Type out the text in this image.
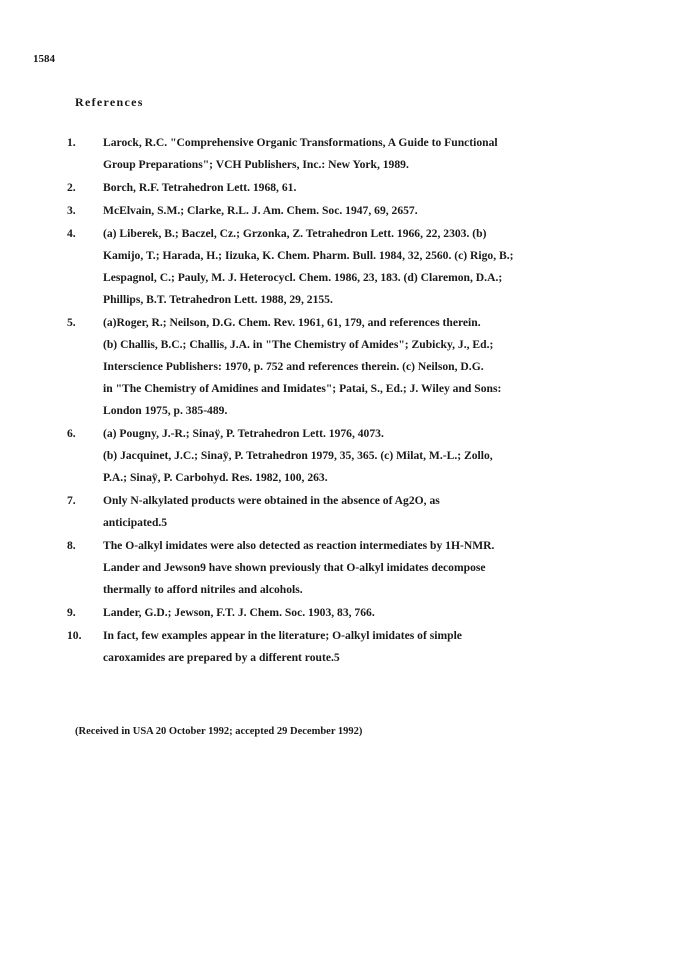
1584
References
1.	Larock, R.C. "Comprehensive Organic Transformations, A Guide to Functional
Group Preparations"; VCH Publishers, Inc.: New York, 1989.
2.	Borch, R.F. Tetrahedron Lett. 1968, 61.
3.	McElvain, S.M.; Clarke, R.L. J. Am. Chem. Soc. 1947, 69, 2657.
4.	(a) Liberek, B.; Baczel, Cz.; Grzonka, Z. Tetrahedron Lett. 1966, 22, 2303. (b)
Kamijo, T.; Harada, H.; Iizuka, K. Chem. Pharm. Bull. 1984, 32, 2560. (c) Rigo, B.;
Lespagnol, C.; Pauly, M. J. Heterocycl. Chem. 1986, 23, 183. (d) Claremon, D.A.;
Phillips, B.T. Tetrahedron Lett. 1988, 29, 2155.
5.	(a)Roger, R.; Neilson, D.G. Chem. Rev. 1961, 61, 179, and references therein.
(b) Challis, B.C.; Challis, J.A. in "The Chemistry of Amides"; Zubicky, J., Ed.;
Interscience Publishers: 1970, p. 752 and references therein. (c) Neilson, D.G.
in "The Chemistry of Amidines and Imidates"; Patai, S., Ed.; J. Wiley and Sons:
London 1975, p. 385-489.
6.	(a) Pougny, J.-R.; Sinaÿ, P. Tetrahedron Lett. 1976, 4073.
(b) Jacquinet, J.C.; Sinaÿ, P. Tetrahedron 1979, 35, 365. (c) Milat, M.-L.; Zollo,
P.A.; Sinaÿ, P. Carbohyd. Res. 1982, 100, 263.
7.	Only N-alkylated products were obtained in the absence of Ag2O, as
anticipated.5
8.	The O-alkyl imidates were also detected as reaction intermediates by 1H-NMR.
Lander and Jewson9 have shown previously that O-alkyl imidates decompose
thermally to afford nitriles and alcohols.
9.	Lander, G.D.; Jewson, F.T. J. Chem. Soc. 1903, 83, 766.
10.	In fact, few examples appear in the literature; O-alkyl imidates of simple
caroxamides are prepared by a different route.5
(Received in USA 20 October 1992; accepted 29 December 1992)
